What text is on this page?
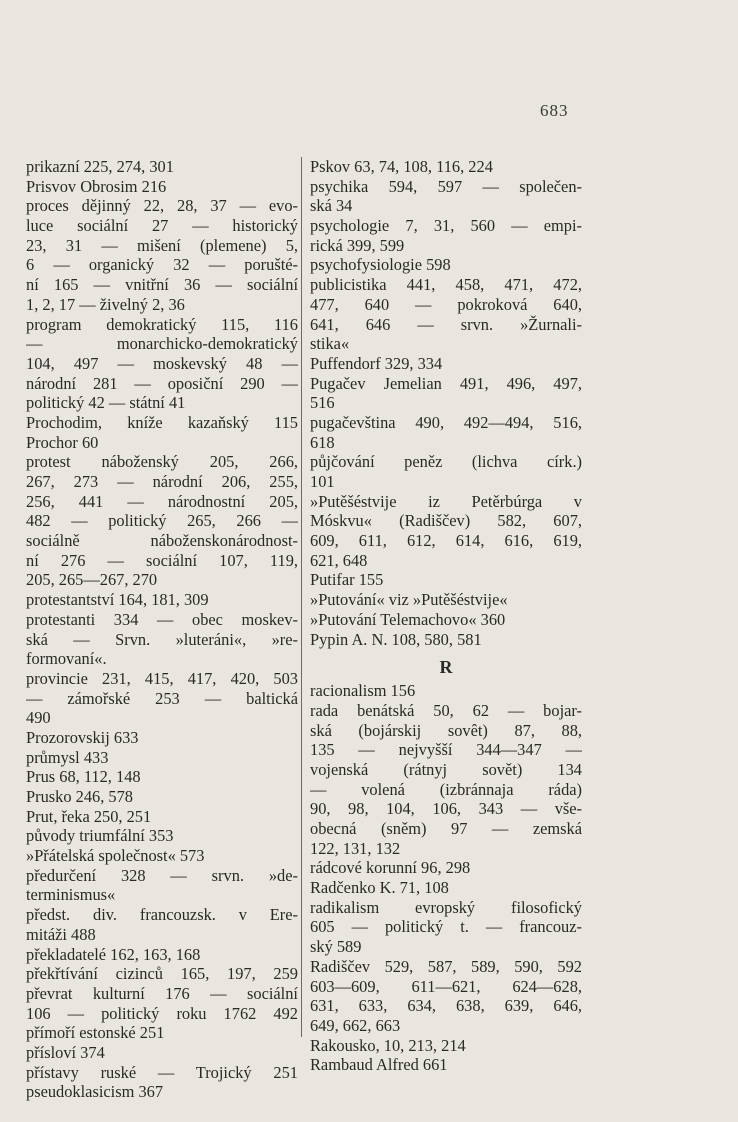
683
prikazní 225, 274, 301
Prisvov Obrosim 216
proces dějinný 22, 28, 37 — evo-
luce sociální 27 — historický
23, 31 — mišení (plemene) 5,
6 — organický 32 — porušté-
ní 165 — vnitřní 36 — sociální
1, 2, 17 — živelný 2, 36
program demokratický 115, 116
— monarchicko-demokratický
104, 497 — moskevský 48 —
národní 281 — oposiční 290 —
politický 42 — státní 41
Prochodim, kníže kazaňský 115
Prochor 60
protest náboženský 205, 266,
267, 273 — národní 206, 255,
256, 441 — národnostní 205,
482 — politický 265, 266 —
sociálně náboženskonárodnost-
ní 276 — sociální 107, 119,
205, 265—267, 270
protestantství 164, 181, 309
protestanti 334 — obec moskev-
ská — Srvn. »luteráni«, »re-
formovaní«.
provincie 231, 415, 417, 420, 503
— zámořské 253 — baltická
490
Prozorovskij 633
průmysl 433
Prus 68, 112, 148
Prusko 246, 578
Prut, řeka 250, 251
původy triumfální 353
»Přátelská společnost« 573
předurčení 328 — srvn. »de-
terminismus«
předst. div. francouzsk. v Ere-
mitáži 488
překladatelé 162, 163, 168
překřtívání cizinců 165, 197, 259
převrat kulturní 176 — sociální
106 — politický roku 1762 492
přímoří estonské 251
přísloví 374
přístavy ruské — Trojický 251
pseudoklasicism 367
Pskov 63, 74, 108, 116, 224
psychika 594, 597 — společen-
ská 34
psychologie 7, 31, 560 — empi-
rická 399, 599
psychofysiologie 598
publicistika 441, 458, 471, 472,
477, 640 — pokroková 640,
641, 646 — srvn. »Žurnali-
stika«
Puffendorf 329, 334
Pugačev Jemelian 491, 496, 497,
516
pugačevština 490, 492—494, 516,
618
půjčování peněz (lichva círk.)
101
»Putěšéstvije iz Petěrbúrga v
Móskvu« (Radiščev) 582, 607,
609, 611, 612, 614, 616, 619,
621, 648
Putifar 155
»Putování« viz »Putěšéstvije«
»Putování Telemachovo« 360
Pypin A. N. 108, 580, 581
R
racionalism 156
rada benátská 50, 62 — bojar-
ská (bojárskij sovêt) 87, 88,
135 — nejvyšší 344—347 —
vojenská (rátnyj sovět) 134
— volená (izbránnaja ráda)
90, 98, 104, 106, 343 — vše-
obecná (sněm) 97 — zemská
122, 131, 132
rádcové korunní 96, 298
Radčenko K. 71, 108
radikalism evropský filosofický
605 — politický t. — francouz-
ský 589
Radiščev 529, 587, 589, 590, 592
603—609, 611—621, 624—628,
631, 633, 634, 638, 639, 646,
649, 662, 663
Rakousko, 10, 213, 214
Rambaud Alfred 661
